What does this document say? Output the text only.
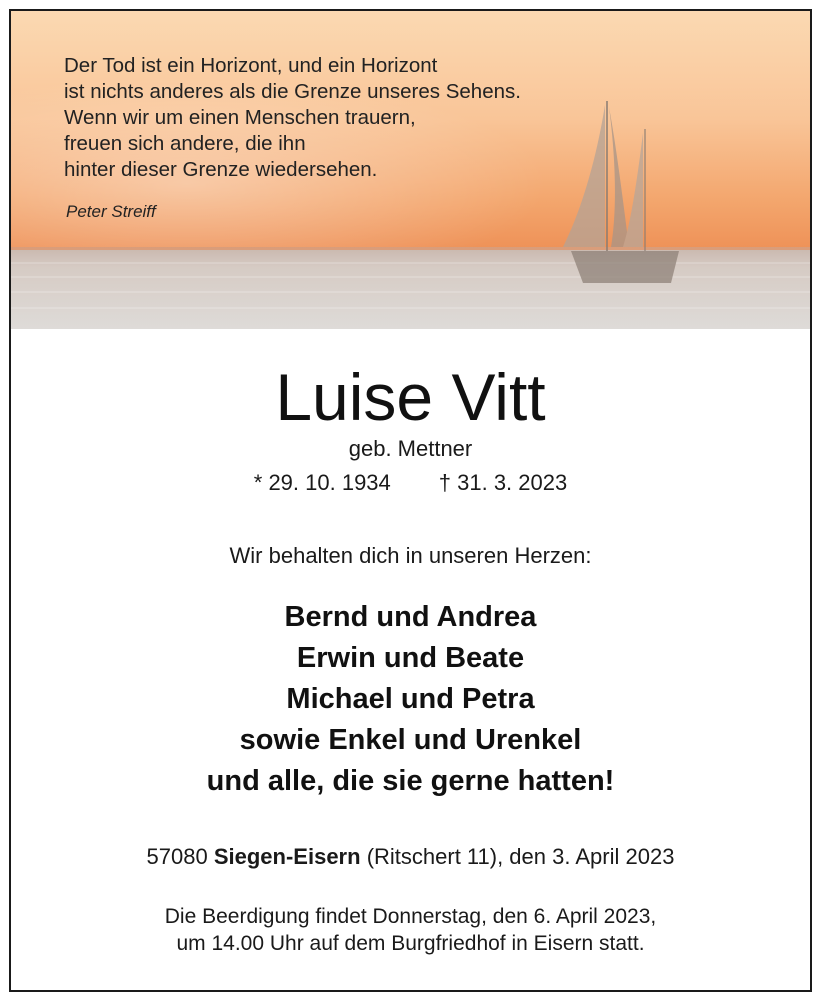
Der Tod ist ein Horizont, und ein Horizont
ist nichts anderes als die Grenze unseres Sehens.
Wenn wir um einen Menschen trauern,
freuen sich andere, die ihn
hinter dieser Grenze wiedersehen.
Peter Streiff
Luise Vitt
geb. Mettner
* 29. 10. 1934 † 31. 3. 2023
Wir behalten dich in unseren Herzen:
Bernd und Andrea
Erwin und Beate
Michael und Petra
sowie Enkel und Urenkel
und alle, die sie gerne hatten!
57080 Siegen-Eisern (Ritschert 11), den 3. April 2023
Die Beerdigung findet Donnerstag, den 6. April 2023,
um 14.00 Uhr auf dem Burgfriedhof in Eisern statt.
